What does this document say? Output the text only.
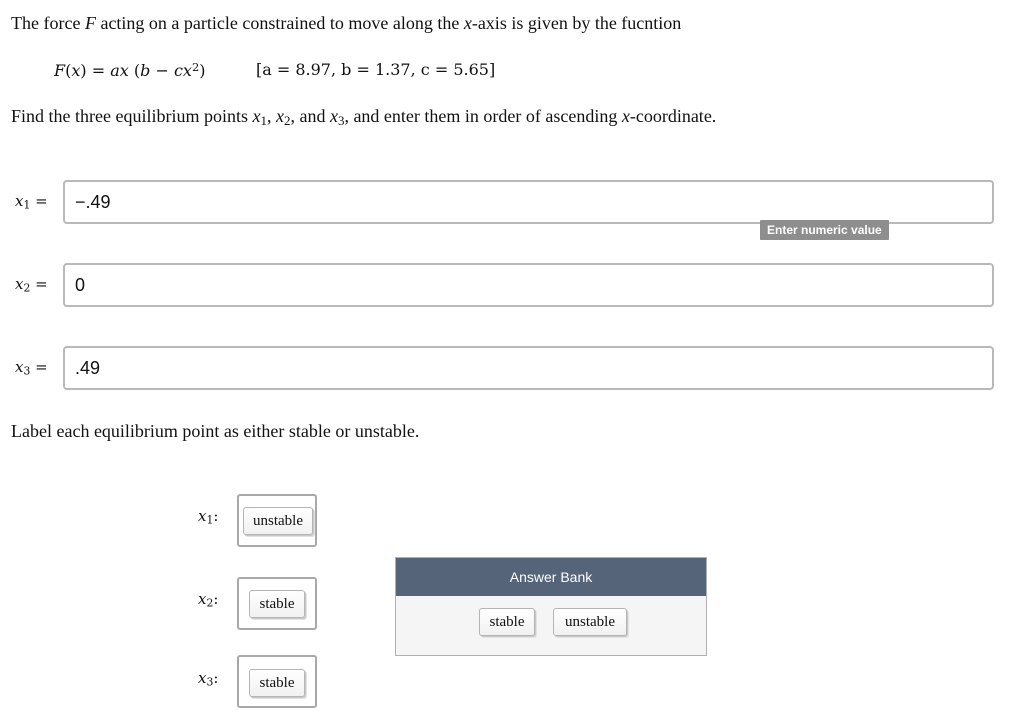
The force F acting on a particle constrained to move along the x-axis is given by the fucntion
F(x) = ax $(b - cx^2)$	[a = 8.97, b = 1.37, c = 5.65]
Find the three equilibrium points $x_1$, $x_2$, and $x_3$, and enter them in order of ascending x-coordinate.
$x_1 = -.49$
Enter numeric value
$x_2 = 0$
$x_3 = .49$
Label each equilibrium point as either stable or unstable.
$x_1$:	unstable
$x_2$:	stable
$x_3$:	stable
Answer Bank
stable	unstable
